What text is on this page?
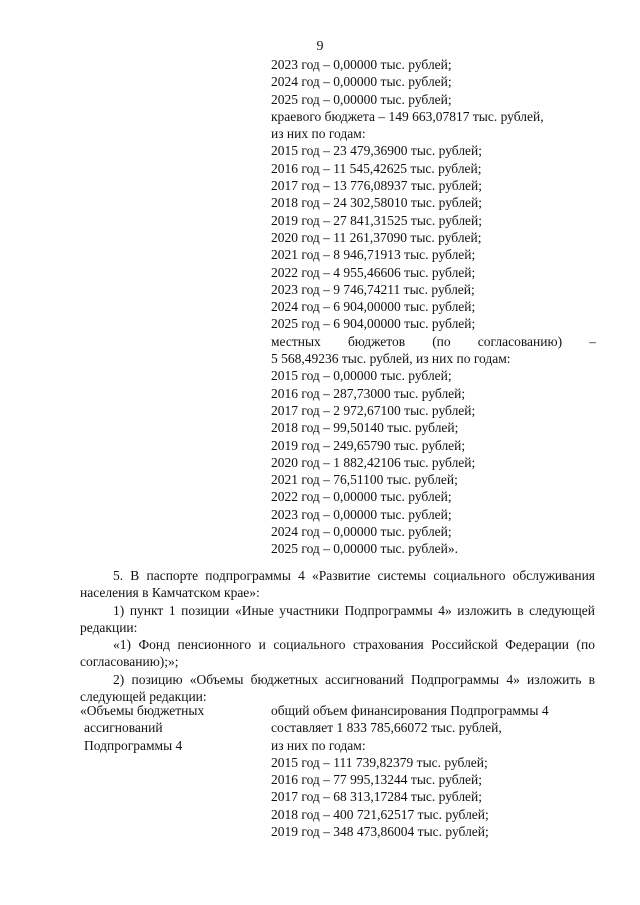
9
2023 год – 0,00000 тыс. рублей;
2024 год – 0,00000 тыс. рублей;
2025 год – 0,00000 тыс. рублей;
краевого бюджета – 149 663,07817 тыс. рублей,
из них по годам:
2015 год – 23 479,36900 тыс. рублей;
2016 год – 11 545,42625 тыс. рублей;
2017 год – 13 776,08937 тыс. рублей;
2018 год – 24 302,58010 тыс. рублей;
2019 год – 27 841,31525 тыс. рублей;
2020 год – 11 261,37090 тыс. рублей;
2021 год – 8 946,71913 тыс. рублей;
2022 год – 4 955,46606 тыс. рублей;
2023 год – 9 746,74211 тыс. рублей;
2024 год – 6 904,00000 тыс. рублей;
2025 год – 6 904,00000 тыс. рублей;
местных бюджетов (по согласованию) –
5 568,49236 тыс. рублей, из них по годам:
2015 год – 0,00000 тыс. рублей;
2016 год – 287,73000 тыс. рублей;
2017 год – 2 972,67100 тыс. рублей;
2018 год – 99,50140 тыс. рублей;
2019 год – 249,65790 тыс. рублей;
2020 год – 1 882,42106 тыс. рублей;
2021 год – 76,51100 тыс. рублей;
2022 год – 0,00000 тыс. рублей;
2023 год – 0,00000 тыс. рублей;
2024 год – 0,00000 тыс. рублей;
2025 год – 0,00000 тыс. рублей».

5. В паспорте подпрограммы 4 «Развитие системы социального обслуживания населения в Камчатском крае»:

1) пункт 1 позиции «Иные участники Подпрограммы 4» изложить в следующей редакции:

«1) Фонд пенсионного и социального страхования Российской Федерации (по согласованию);»;

2) позицию «Объемы бюджетных ассигнований Подпрограммы 4» изложить в следующей редакции:

«Объемы бюджетных
ассигнований
Подпрограммы 4
общий объем финансирования Подпрограммы 4
составляет 1 833 785,66072 тыс. рублей,
из них по годам:
2015 год – 111 739,82379 тыс. рублей;
2016 год – 77 995,13244 тыс. рублей;
2017 год – 68 313,17284 тыс. рублей;
2018 год – 400 721,62517 тыс. рублей;
2019 год – 348 473,86004 тыс. рублей;
